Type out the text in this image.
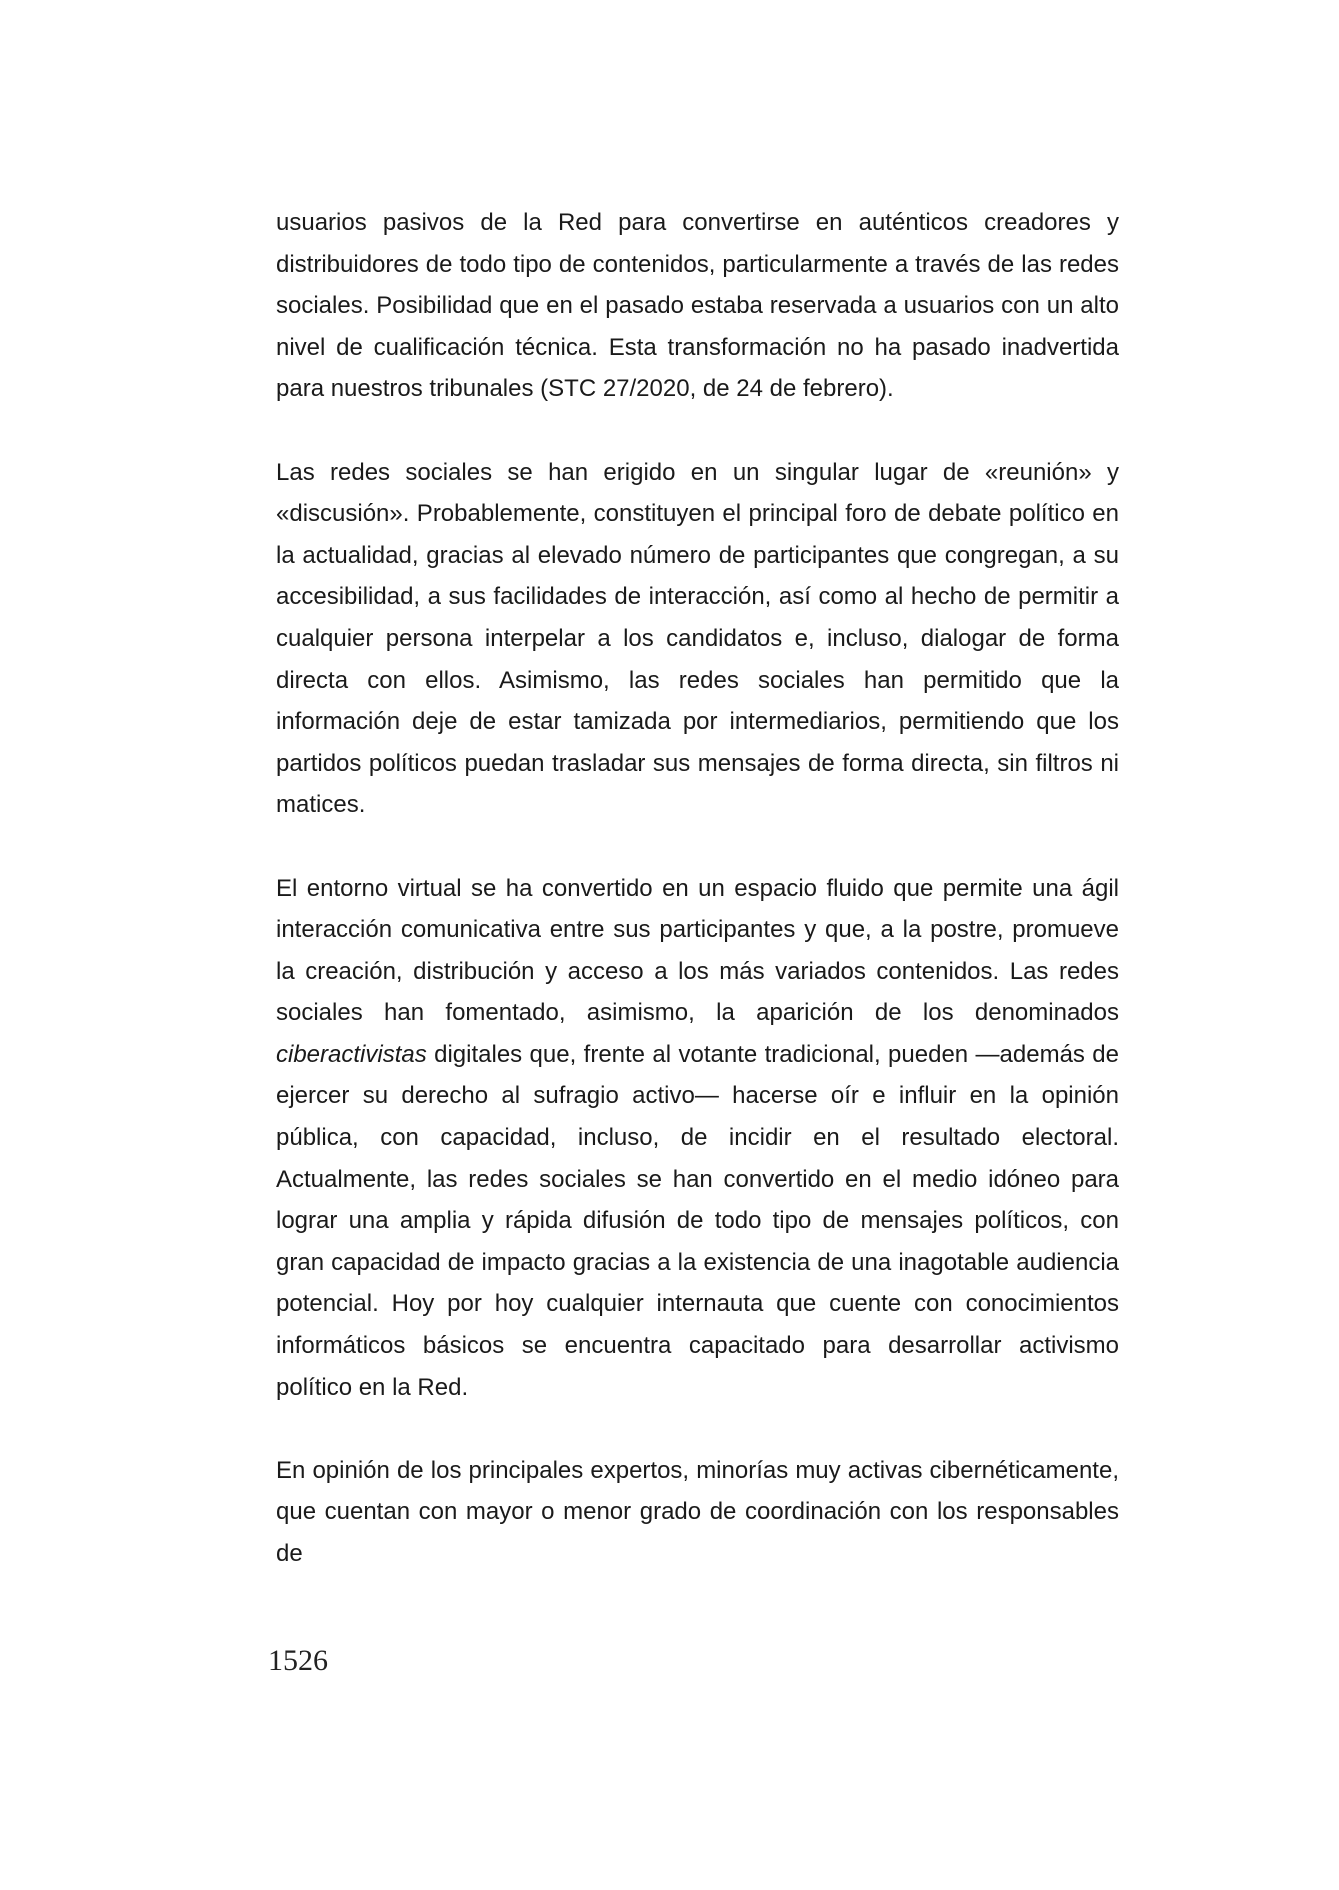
usuarios pasivos de la Red para convertirse en auténticos creadores y distribuidores de todo tipo de contenidos, particularmente a través de las redes sociales. Posibilidad que en el pasado estaba reservada a usuarios con un alto nivel de cualificación técnica. Esta transformación no ha pasado inadvertida para nuestros tribunales (STC 27/2020, de 24 de febrero).

Las redes sociales se han erigido en un singular lugar de «reunión» y «discusión». Probablemente, constituyen el principal foro de debate político en la actualidad, gracias al elevado número de participantes que congregan, a su accesibilidad, a sus facilidades de interacción, así como al hecho de permitir a cualquier persona interpelar a los candidatos e, incluso, dialogar de forma directa con ellos. Asimismo, las redes sociales han permitido que la información deje de estar tamizada por intermediarios, permitiendo que los partidos políticos puedan trasladar sus mensajes de forma directa, sin filtros ni matices.

El entorno virtual se ha convertido en un espacio fluido que permite una ágil interacción comunicativa entre sus participantes y que, a la postre, promueve la creación, distribución y acceso a los más variados contenidos. Las redes sociales han fomentado, asimismo, la aparición de los denominados ciberactivistas digitales que, frente al votante tradicional, pueden —además de ejercer su derecho al sufragio activo— hacerse oír e influir en la opinión pública, con capacidad, incluso, de incidir en el resultado electoral. Actualmente, las redes sociales se han convertido en el medio idóneo para lograr una amplia y rápida difusión de todo tipo de mensajes políticos, con gran capacidad de impacto gracias a la existencia de una inagotable audiencia potencial. Hoy por hoy cualquier internauta que cuente con conocimientos informáticos básicos se encuentra capacitado para desarrollar activismo político en la Red.

En opinión de los principales expertos, minorías muy activas cibernéticamente, que cuentan con mayor o menor grado de coordinación con los responsables de

1526
